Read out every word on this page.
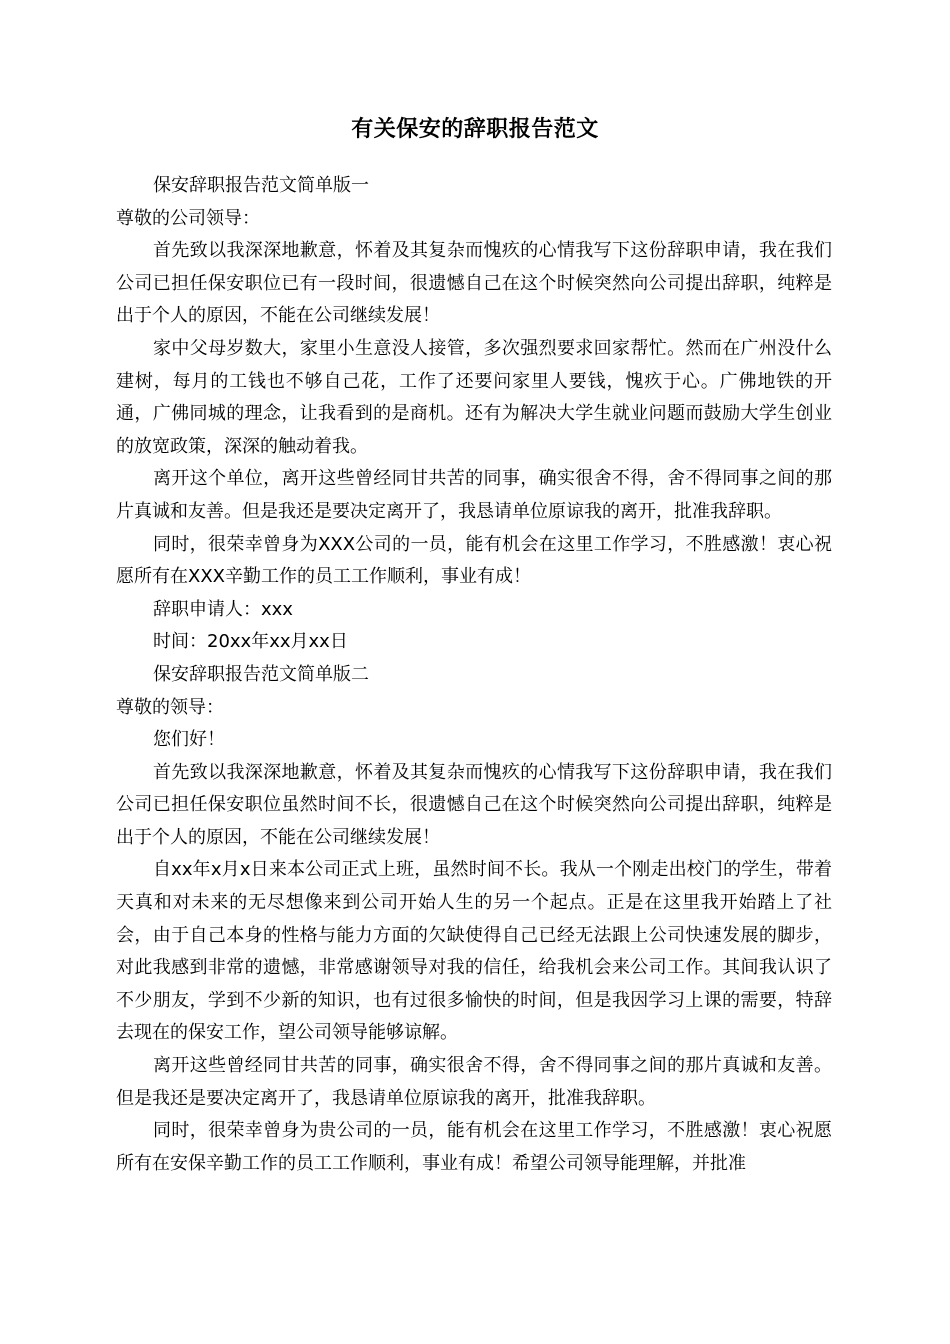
有关保安的辞职报告范文

保安辞职报告范文简单版一

尊敬的公司领导：

首先致以我深深地歉意，怀着及其复杂而愧疚的心情我写下这份辞职申请，我在我们公司已担任保安职位已有一段时间，很遗憾自己在这个时候突然向公司提出辞职，纯粹是出于个人的原因，不能在公司继续发展！

家中父母岁数大，家里小生意没人接管，多次强烈要求回家帮忙。然而在广州没什么建树，每月的工钱也不够自己花，工作了还要问家里人要钱，愧疚于心。广佛地铁的开通，广佛同城的理念，让我看到的是商机。还有为解决大学生就业问题而鼓励大学生创业的放宽政策，深深的触动着我。

离开这个单位，离开这些曾经同甘共苦的同事，确实很舍不得，舍不得同事之间的那片真诚和友善。但是我还是要决定离开了，我恳请单位原谅我的离开，批准我辞职。

同时，很荣幸曾身为XXX公司的一员，能有机会在这里工作学习，不胜感激！衷心祝愿所有在XXX辛勤工作的员工工作顺利，事业有成！

辞职申请人：xxx

时间：20xx年xx月xx日

保安辞职报告范文简单版二

尊敬的领导：

您们好！

首先致以我深深地歉意，怀着及其复杂而愧疚的心情我写下这份辞职申请，我在我们公司已担任保安职位虽然时间不长，很遗憾自己在这个时候突然向公司提出辞职，纯粹是出于个人的原因，不能在公司继续发展！

自xx年x月x日来本公司正式上班，虽然时间不长。我从一个刚走出校门的学生，带着天真和对未来的无尽想像来到公司开始人生的另一个起点。正是在这里我开始踏上了社会，由于自己本身的性格与能力方面的欠缺使得自己已经无法跟上公司快速发展的脚步，对此我感到非常的遗憾，非常感谢领导对我的信任，给我机会来公司工作。其间我认识了不少朋友，学到不少新的知识，也有过很多愉快的时间，但是我因学习上课的需要，特辞去现在的保安工作，望公司领导能够谅解。

离开这些曾经同甘共苦的同事，确实很舍不得，舍不得同事之间的那片真诚和友善。 但是我还是要决定离开了，我恳请单位原谅我的离开，批准我辞职。

同时，很荣幸曾身为贵公司的一员，能有机会在这里工作学习，不胜感激！衷心祝愿所有在安保辛勤工作的员工工作顺利，事业有成！希望公司领导能理解，并批准
